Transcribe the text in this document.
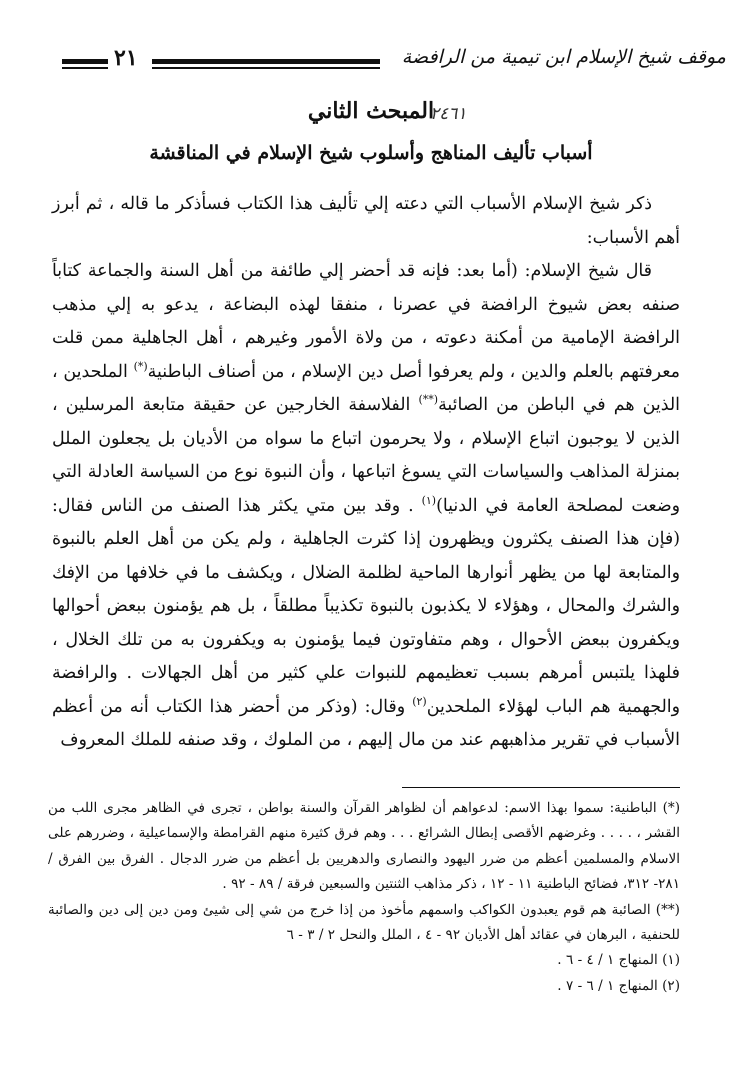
موقف شيخ الإسلام ابن تيمية من الرافضة
٢١
المبحث الثاني
٢٤٦١
أسباب تأليف المناهج وأسلوب شيخ الإسلام في المناقشة

ذكر شيخ الإسلام الأسباب التي دعته إلي تأليف هذا الكتاب فسأذكر ما قاله ، ثم أبرز أهم الأسباب:

قال شيخ الإسلام: (أما بعد: فإنه قد أحضر إلي طائفة من أهل السنة والجماعة كتاباً صنفه بعض شيوخ الرافضة في عصرنا ، منفقا لهذه البضاعة ، يدعو به إلي مذهب الرافضة الإمامية من أمكنة دعوته ، من ولاة الأمور وغيرهم ، أهل الجاهلية ممن قلت معرفتهم بالعلم والدين ، ولم يعرفوا أصل دين الإسلام ، من أصناف الباطنية(*) الملحدين ، الذين هم في الباطن من الصائبة(**) الفلاسفة الخارجين عن حقيقة متابعة المرسلين ، الذين لا يوجبون اتباع الإسلام ، ولا يحرمون اتباع ما سواه من الأديان بل يجعلون الملل بمنزلة المذاهب والسياسات التي يسوغ اتباعها ، وأن النبوة نوع من السياسة العادلة التي وضعت لمصلحة العامة في الدنيا)$^{(١)}$ . وقد بين متي يكثر هذا الصنف من الناس فقال: (فإن هذا الصنف يكثرون ويظهرون إذا كثرت الجاهلية ، ولم يكن من أهل العلم بالنبوة والمتابعة لها من يظهر أنوارها الماحية لظلمة الضلال ، ويكشف ما في خلافها من الإفك والشرك والمحال ، وهؤلاء لا يكذبون بالنبوة تكذيباً مطلقاً ، بل هم يؤمنون ببعض أحوالها ويكفرون ببعض الأحوال ، وهم متفاوتون فيما يؤمنون به ويكفرون به من تلك الخلال ، فلهذا يلتبس أمرهم بسبب تعظيمهم للنبوات علي كثير من أهل الجهالات . والرافضة والجهمية هم الباب لهؤلاء الملحدين$^{(٢)}$ وقال: (وذكر من أحضر هذا الكتاب أنه من أعظم الأسباب في تقرير مذاهبهم عند من مال إليهم ، من الملوك ، وقد صنفه للملك المعروف

(*) الباطنية: سموا بهذا الاسم: لدعواهم أن لظواهر القرآن والسنة بواطن ، تجرى في الظاهر مجرى اللب من القشر ، . . . . وغرضهم الأقصى إبطال الشرائع . . . وهم فرق كثيرة منهم القرامطة والإسماعيلية ، وضررهم على الاسلام والمسلمين أعظم من ضرر اليهود والنصارى والدهريين بل أعظم من ضرر الدجال . الفرق بين الفرق / ٢٨١- ٣١٢، فضائح الباطنية ١١ - ١٢ ، ذكر مذاهب الثنتين والسبعين فرقة / ٨٩ - ٩٢ .

(**) الصائبة هم قوم يعبدون الكواكب واسمهم مأخوذ من إذا خرج من شي إلى شيئ ومن دين إلى دين والصائبة للحنفية ، البرهان في عقائد أهل الأديان ٩٢ - ٤ ، الملل والنحل ٢ / ٣ - ٦

(١) المنهاج ١ / ٤ - ٦ .

(٢) المنهاج ١ / ٦ - ٧ .
